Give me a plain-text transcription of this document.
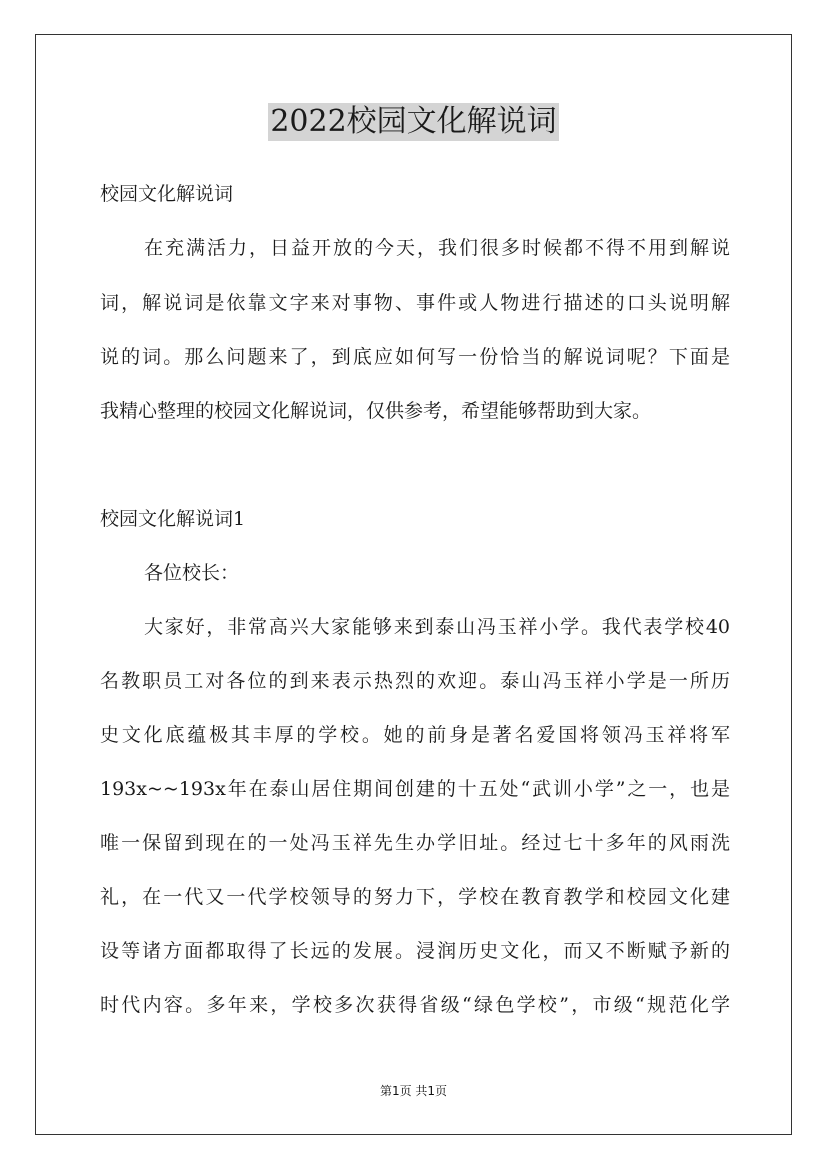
2022校园文化解说词
校园文化解说词
在充满活力，日益开放的今天，我们很多时候都不得不用到解说
词，解说词是依靠文字来对事物、事件或人物进行描述的口头说明解
说的词。那么问题来了，到底应如何写一份恰当的解说词呢？下面是
我精心整理的校园文化解说词，仅供参考，希望能够帮助到大家。
校园文化解说词1
各位校长：
大家好，非常高兴大家能够来到泰山冯玉祥小学。我代表学校40
名教职员工对各位的到来表示热烈的欢迎。泰山冯玉祥小学是一所历
史文化底蕴极其丰厚的学校。她的前身是著名爱国将领冯玉祥将军
193x~~193x年在泰山居住期间创建的十五处“武训小学”之一，也是
唯一保留到现在的一处冯玉祥先生办学旧址。经过七十多年的风雨洗
礼，在一代又一代学校领导的努力下，学校在教育教学和校园文化建
设等诸方面都取得了长远的发展。浸润历史文化，而又不断赋予新的
时代内容。多年来，学校多次获得省级“绿色学校”，市级“规范化学
第1页 共1页
